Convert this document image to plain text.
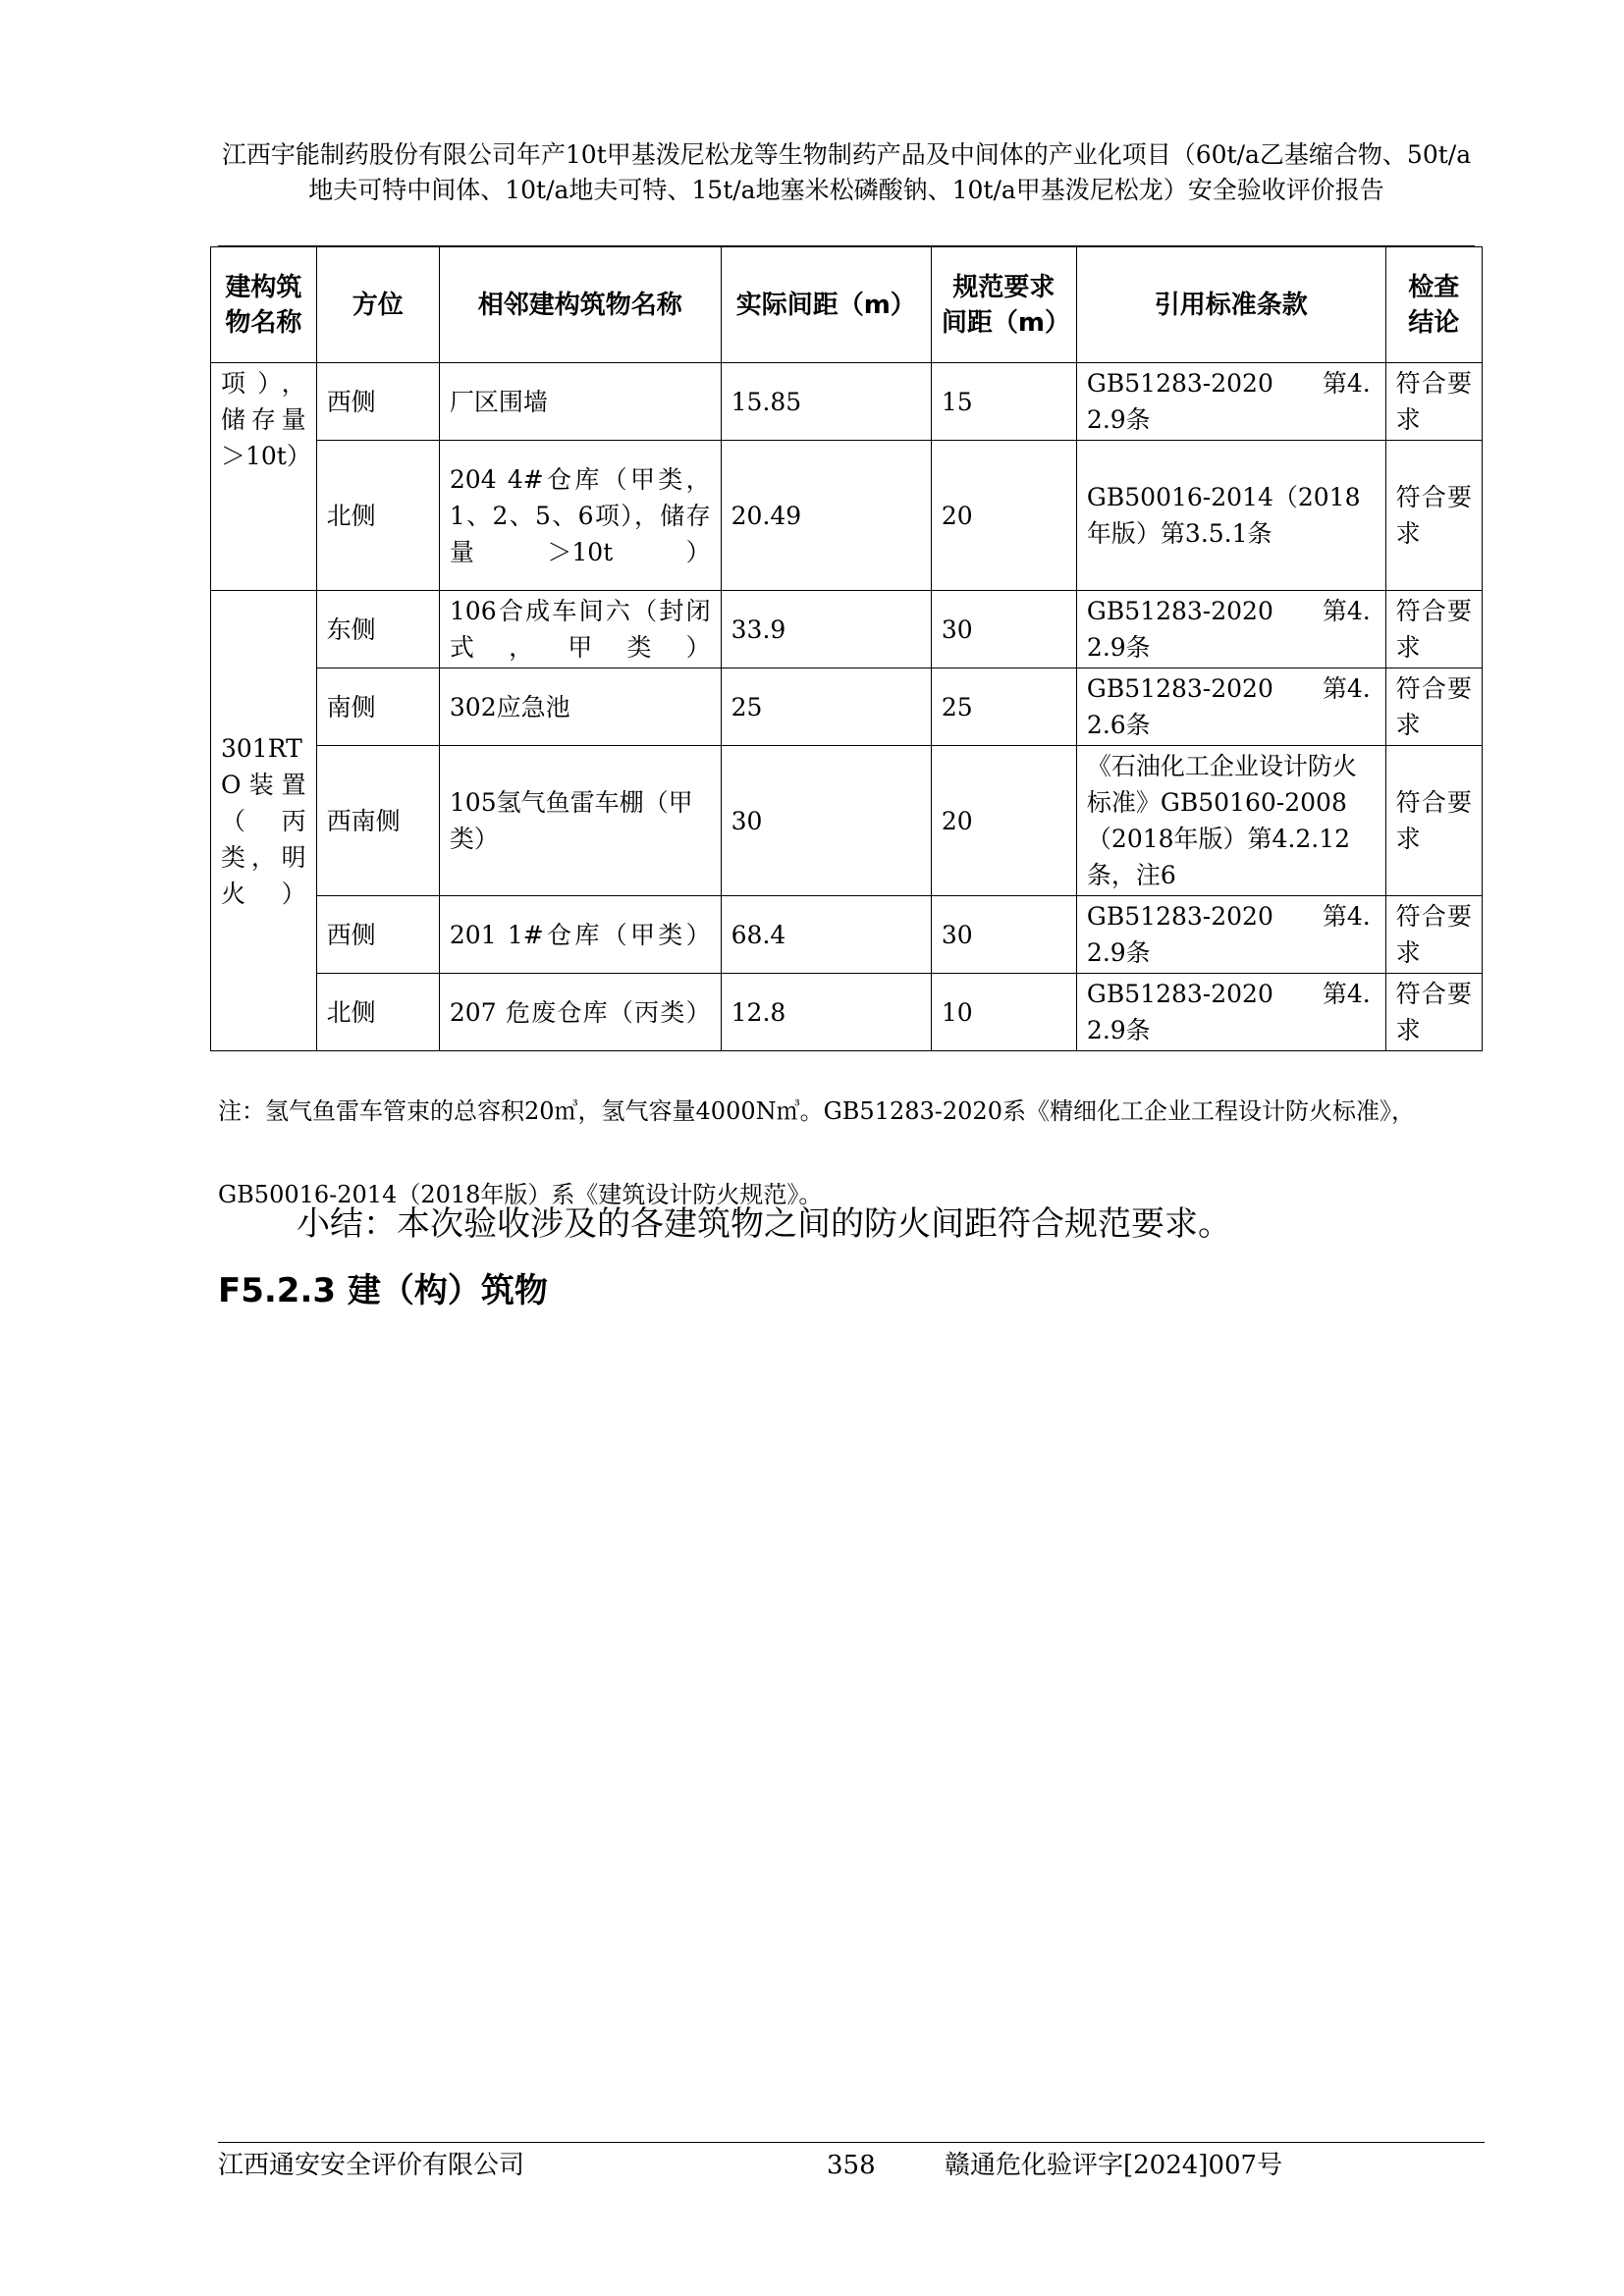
江西宇能制药股份有限公司年产10t甲基泼尼松龙等生物制药产品及中间体的产业化项目（60t/a乙基缩合物、50t/a地夫可特中间体、10t/a地夫可特、15t/a地塞米松磷酸钠、10t/a甲基泼尼松龙）安全验收评价报告
建构筑物名称	方位	相邻建构筑物名称	实际间距（m）	规范要求间距（m）	引用标准条款	检查结论
项），储存量＞10t）	西侧	厂区围墙	15.85	15	GB51283-2020　　第4.2.9条	符合要求
	北侧	204 4#仓库（甲类，1、2、5、6项），储存量＞10t）	20.49	20	GB50016-2014（2018年版）第3.5.1条	符合要求
301RTO装置（丙类，明火）	东侧	106合成车间六（封闭式，甲类）	33.9	30	GB51283-2020　　第4.2.9条	符合要求
	南侧	302应急池	25	25	GB51283-2020　　第4.2.6条	符合要求
	西南侧	105氢气鱼雷车棚（甲类）	30	20	《石油化工企业设计防火标准》GB50160-2008（2018年版）第4.2.12条，注6	符合要求
	西侧	201 1#仓库（甲类）	68.4	30	GB51283-2020　　第4.2.9条	符合要求
	北侧	207 危废仓库（丙类）	12.8	10	GB51283-2020　　第4.2.9条	符合要求
注：氢气鱼雷车管束的总容积20㎥，氢气容量4000N㎥。GB51283-2020系《精细化工企业工程设计防火标准》，GB50016-2014（2018年版）系《建筑设计防火规范》。
小结：本次验收涉及的各建筑物之间的防火间距符合规范要求。
F5.2.3 建（构）筑物
江西通安安全评价有限公司	358	赣通危化验评字[2024]007号
